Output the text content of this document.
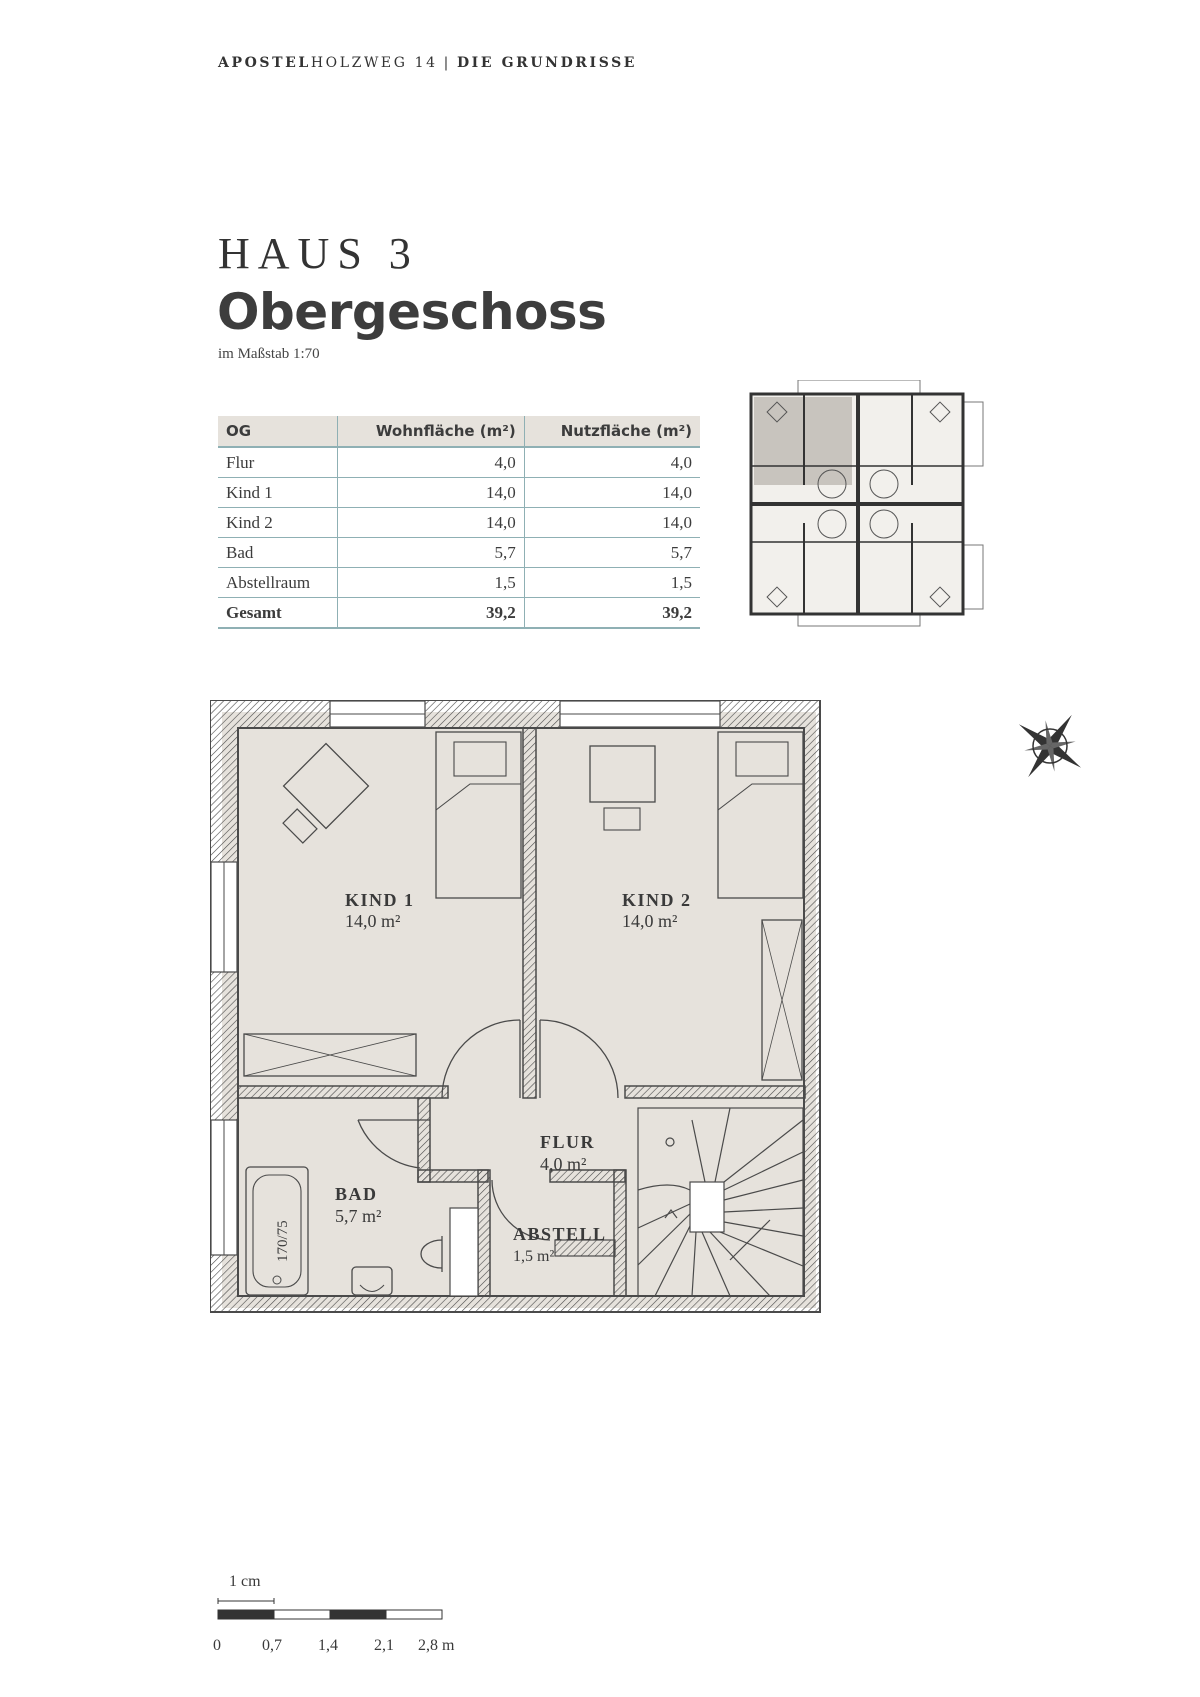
APOSTELHOLZWEG 14 | DIE GRUNDRISSE
HAUS 3
Obergeschoss
im Maßstab 1:70
OG	Wohnfläche (m²)	Nutzfläche (m²)
Flur	4,0	4,0
Kind 1	14,0	14,0
Kind 2	14,0	14,0
Bad	5,7	5,7
Abstellraum	1,5	1,5
Gesamt	39,2	39,2
KIND 1
14,0 m²
KIND 2
14,0 m²
FLUR
4,0 m²
BAD
5,7 m²
ABSTELL
1,5 m²
170/75
1 cm
0	0,7 1,4 2,1 2,8 m
